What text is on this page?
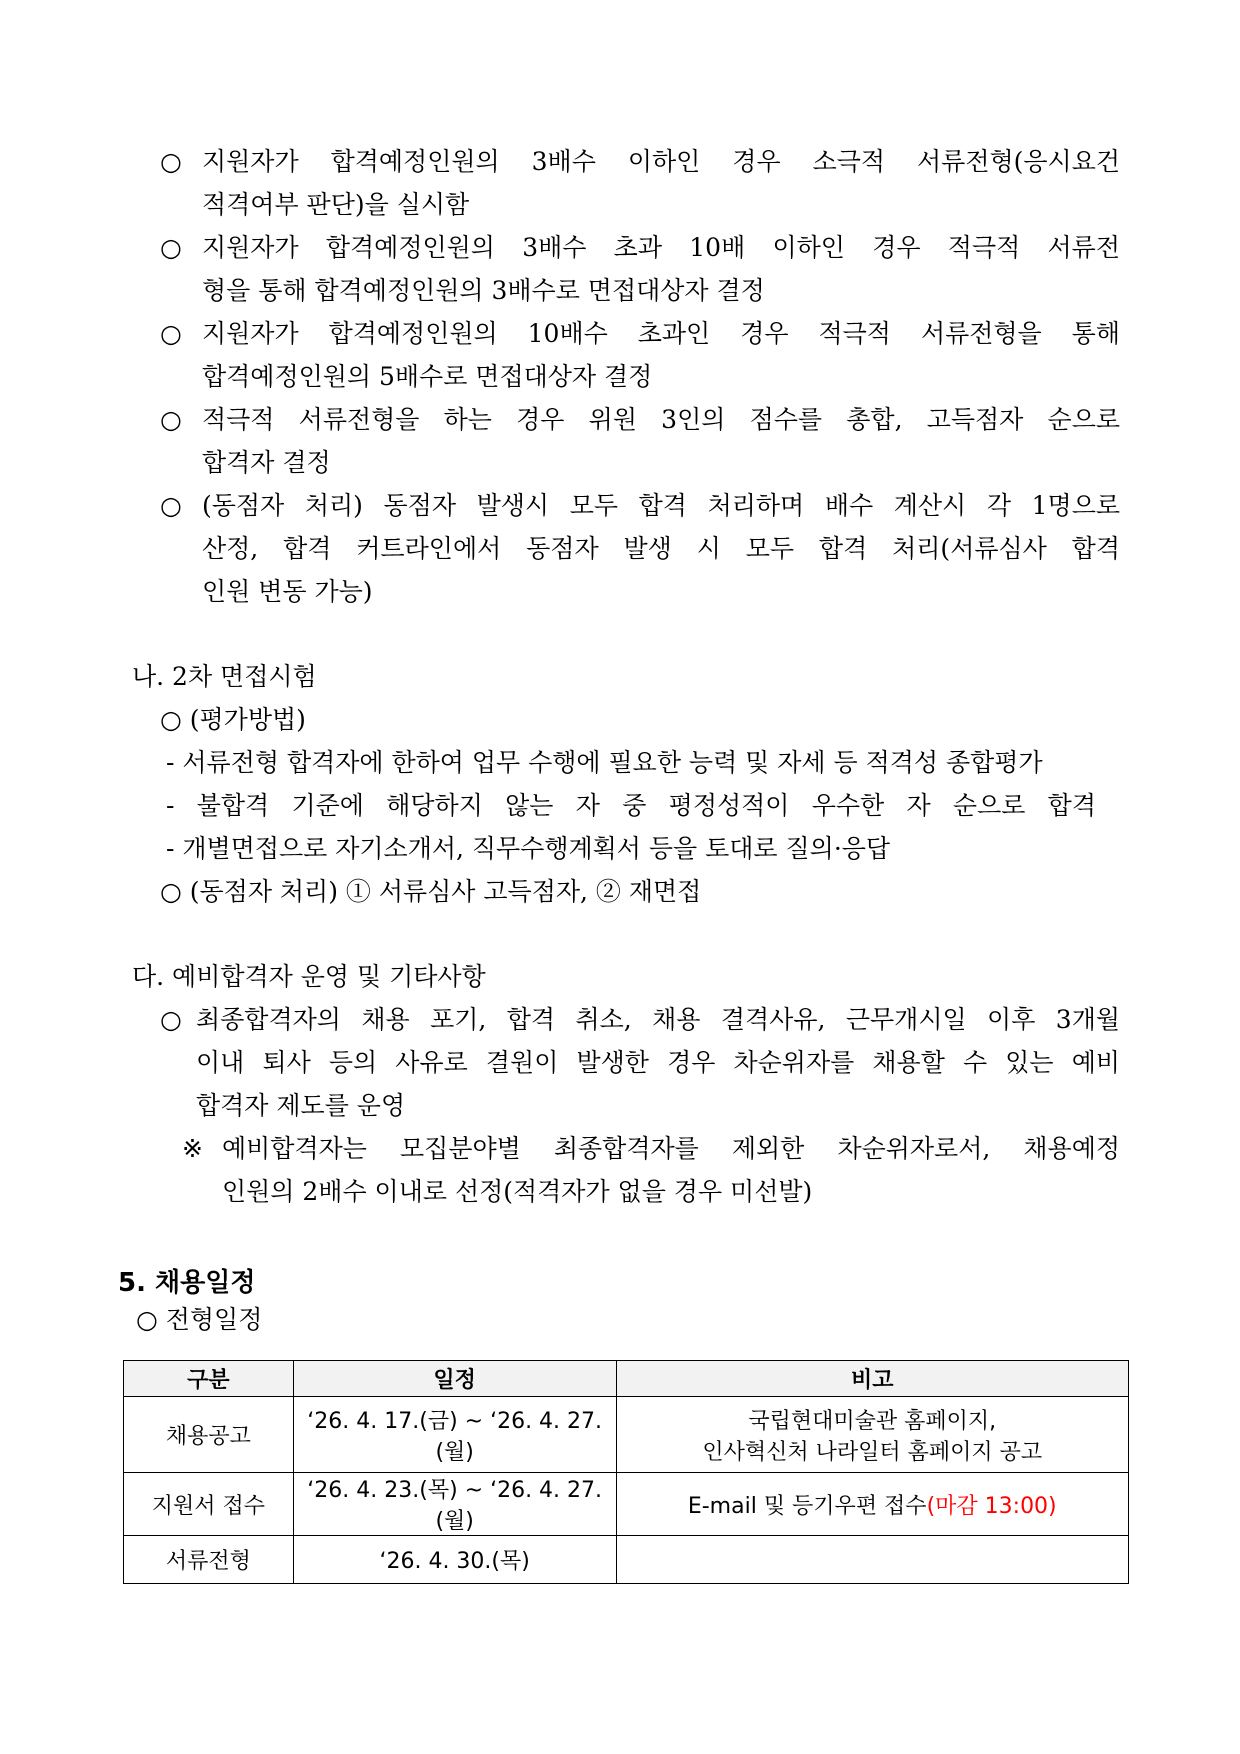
○ 지원자가 합격예정인원의 3배수 이하인 경우 소극적 서류전형(응시요건
적격여부 판단)을 실시함
○ 지원자가 합격예정인원의 3배수 초과 10배 이하인 경우 적극적 서류전
형을 통해 합격예정인원의 3배수로 면접대상자 결정
○ 지원자가 합격예정인원의 10배수 초과인 경우 적극적 서류전형을 통해
합격예정인원의 5배수로 면접대상자 결정
○ 적극적 서류전형을 하는 경우 위원 3인의 점수를 총합, 고득점자 순으로
합격자 결정
○ (동점자 처리) 동점자 발생시 모두 합격 처리하며 배수 계산시 각 1명으로
산정, 합격 커트라인에서 동점자 발생 시 모두 합격 처리(서류심사 합격
인원 변동 가능)
나. 2차 면접시험
○ (평가방법)
- 서류전형 합격자에 한하여 업무 수행에 필요한 능력 및 자세 등 적격성 종합평가
- 불합격 기준에 해당하지 않는 자 중 평정성적이 우수한 자 순으로 합격
- 개별면접으로 자기소개서, 직무수행계획서 등을 토대로 질의·응답
○ (동점자 처리) ① 서류심사 고득점자, ② 재면접
다. 예비합격자 운영 및 기타사항
○ 최종합격자의 채용 포기, 합격 취소, 채용 결격사유, 근무개시일 이후 3개월
이내 퇴사 등의 사유로 결원이 발생한 경우 차순위자를 채용할 수 있는 예비
합격자 제도를 운영
※ 예비합격자는 모집분야별 최종합격자를 제외한 차순위자로서, 채용예정
인원의 2배수 이내로 선정(적격자가 없을 경우 미선발)
5. 채용일정
○ 전형일정
구분	일정	비고
채용공고	‘26. 4. 17.(금) ~ ‘26. 4. 27.(월)	국립현대미술관 홈페이지,
인사혁신처 나라일터 홈페이지 공고

지원서 접수	‘26. 4. 23.(목) ~ ‘26. 4. 27.(월)	E-mail 및 등기우편 접수(마감 13:00)
서류전형	‘26. 4. 30.(목)	
